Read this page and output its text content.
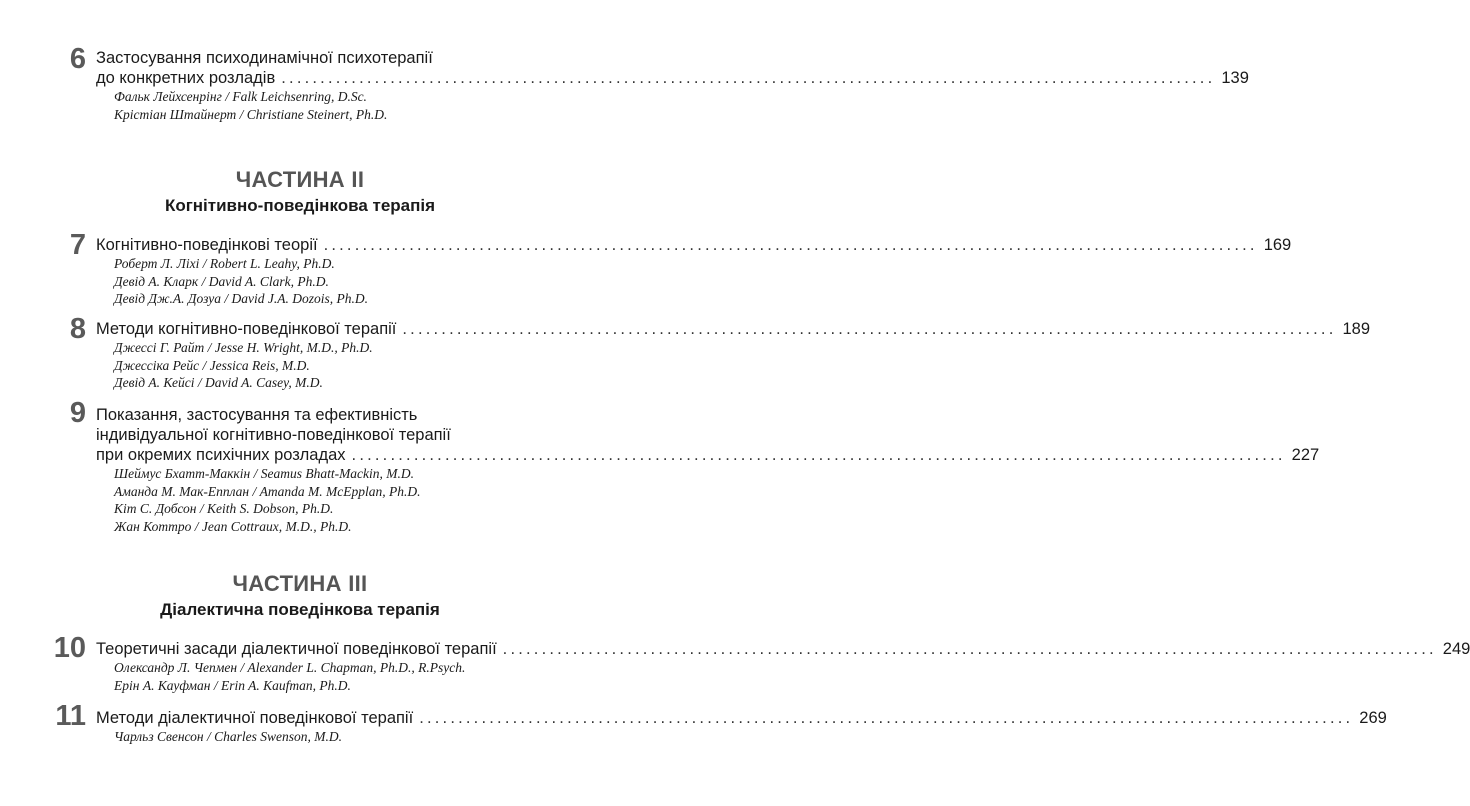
6 Застосування психодинамічної психотерапії
до конкретних розладів ........................................................................................................................ 139
Фальк Лейхсенрінг / Falk Leichsenring, D.Sc.
Крістіан Штайнерт / Christiane Steinert, Ph.D.
ЧАСТИНА II
Когнітивно-поведінкова терапія
7 Когнітивно-поведінкові теорії ........................................................................................................................ 169
Роберт Л. Ліхі / Robert L. Leahy, Ph.D.
Девід А. Кларк / David A. Clark, Ph.D.
Девід Дж.А. Дозуа / David J.A. Dozois, Ph.D.
8 Методи когнітивно-поведінкової терапії ........................................................................................................................ 189
Джессі Г. Райт / Jesse H. Wright, M.D., Ph.D.
Джессіка Рейс / Jessica Reis, M.D.
Девід А. Кейсі / David A. Casey, M.D.
9 Показання, застосування та ефективність
індивідуальної когнітивно-поведінкової терапії
при окремих психічних розладах ........................................................................................................................ 227
Шеймус Бхатт-Маккін / Seamus Bhatt-Mackin, M.D.
Аманда М. Мак-Епплан / Amanda M. McEpplan, Ph.D.
Кіт С. Добсон / Keith S. Dobson, Ph.D.
Жан Коттро / Jean Cottraux, M.D., Ph.D.
ЧАСТИНА III
Діалектична поведінкова терапія
10 Теоретичні засади діалектичної поведінкової терапії ........................................................................................................................ 249
Олександр Л. Чепмен / Alexander L. Chapman, Ph.D., R.Psych.
Ерін А. Кауфман / Erin A. Kaufman, Ph.D.
11 Методи діалектичної поведінкової терапії ........................................................................................................................ 269
Чарльз Свенсон / Charles Swenson, M.D.
